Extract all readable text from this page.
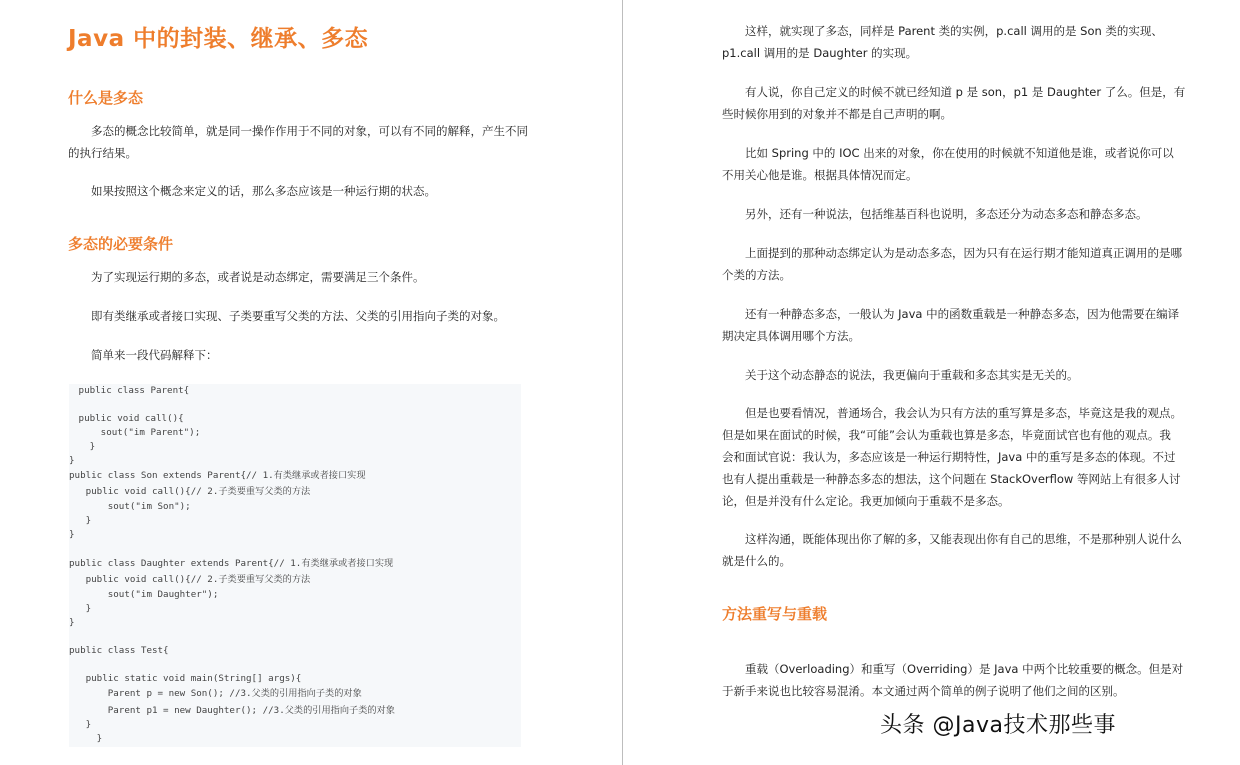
Java 中的封装、继承、多态
什么是多态

多态的概念比较简单，就是同一操作作用于不同的对象，可以有不同的解释，产生不同

的执行结果。

如果按照这个概念来定义的话，那么多态应该是一种运行期的状态。

多态的必要条件

为了实现运行期的多态，或者说是动态绑定，需要满足三个条件。

即有类继承或者接口实现、子类要重写父类的方法、父类的引用指向子类的对象。

简单来一段代码解释下：

public class Parent{
public void call(){
sout("im Parent");
}
}
public class Son extends Parent{// 1.有类继承或者接口实现
public void call(){// 2.子类要重写父类的方法
sout("im Son");
}
}
public class Daughter extends Parent{// 1.有类继承或者接口实现
public void call(){// 2.子类要重写父类的方法
sout("im Daughter");
}
}
public class Test{
public static void main(String[] args){
Parent p = new Son(); //3.父类的引用指向子类的对象
Parent p1 = new Daughter(); //3.父类的引用指向子类的对象
}
}

这样，就实现了多态，同样是 Parent 类的实例，p.call 调用的是 Son 类的实现、

p1.call 调用的是 Daughter 的实现。

有人说，你自己定义的时候不就已经知道 p 是 son，p1 是 Daughter 了么。但是，有

些时候你用到的对象并不都是自己声明的啊。

比如 Spring 中的 IOC 出来的对象，你在使用的时候就不知道他是谁，或者说你可以

不用关心他是谁。根据具体情况而定。

另外，还有一种说法，包括维基百科也说明，多态还分为动态多态和静态多态。

上面提到的那种动态绑定认为是动态多态，因为只有在运行期才能知道真正调用的是哪

个类的方法。

还有一种静态多态，一般认为 Java 中的函数重载是一种静态多态，因为他需要在编译

期决定具体调用哪个方法。

关于这个动态静态的说法，我更偏向于重载和多态其实是无关的。

但是也要看情况，普通场合，我会认为只有方法的重写算是多态，毕竟这是我的观点。

但是如果在面试的时候，我“可能”会认为重载也算是多态，毕竟面试官也有他的观点。我

会和面试官说：我认为，多态应该是一种运行期特性，Java 中的重写是多态的体现。不过

也有人提出重载是一种静态多态的想法，这个问题在 StackOverflow 等网站上有很多人讨

论，但是并没有什么定论。我更加倾向于重载不是多态。

这样沟通，既能体现出你了解的多，又能表现出你有自己的思维，不是那种别人说什么

就是什么的。

方法重写与重载

重载（Overloading）和重写（Overriding）是 Java 中两个比较重要的概念。但是对

于新手来说也比较容易混淆。本文通过两个简单的例子说明了他们之间的区别。

头条 @Java技术那些事
